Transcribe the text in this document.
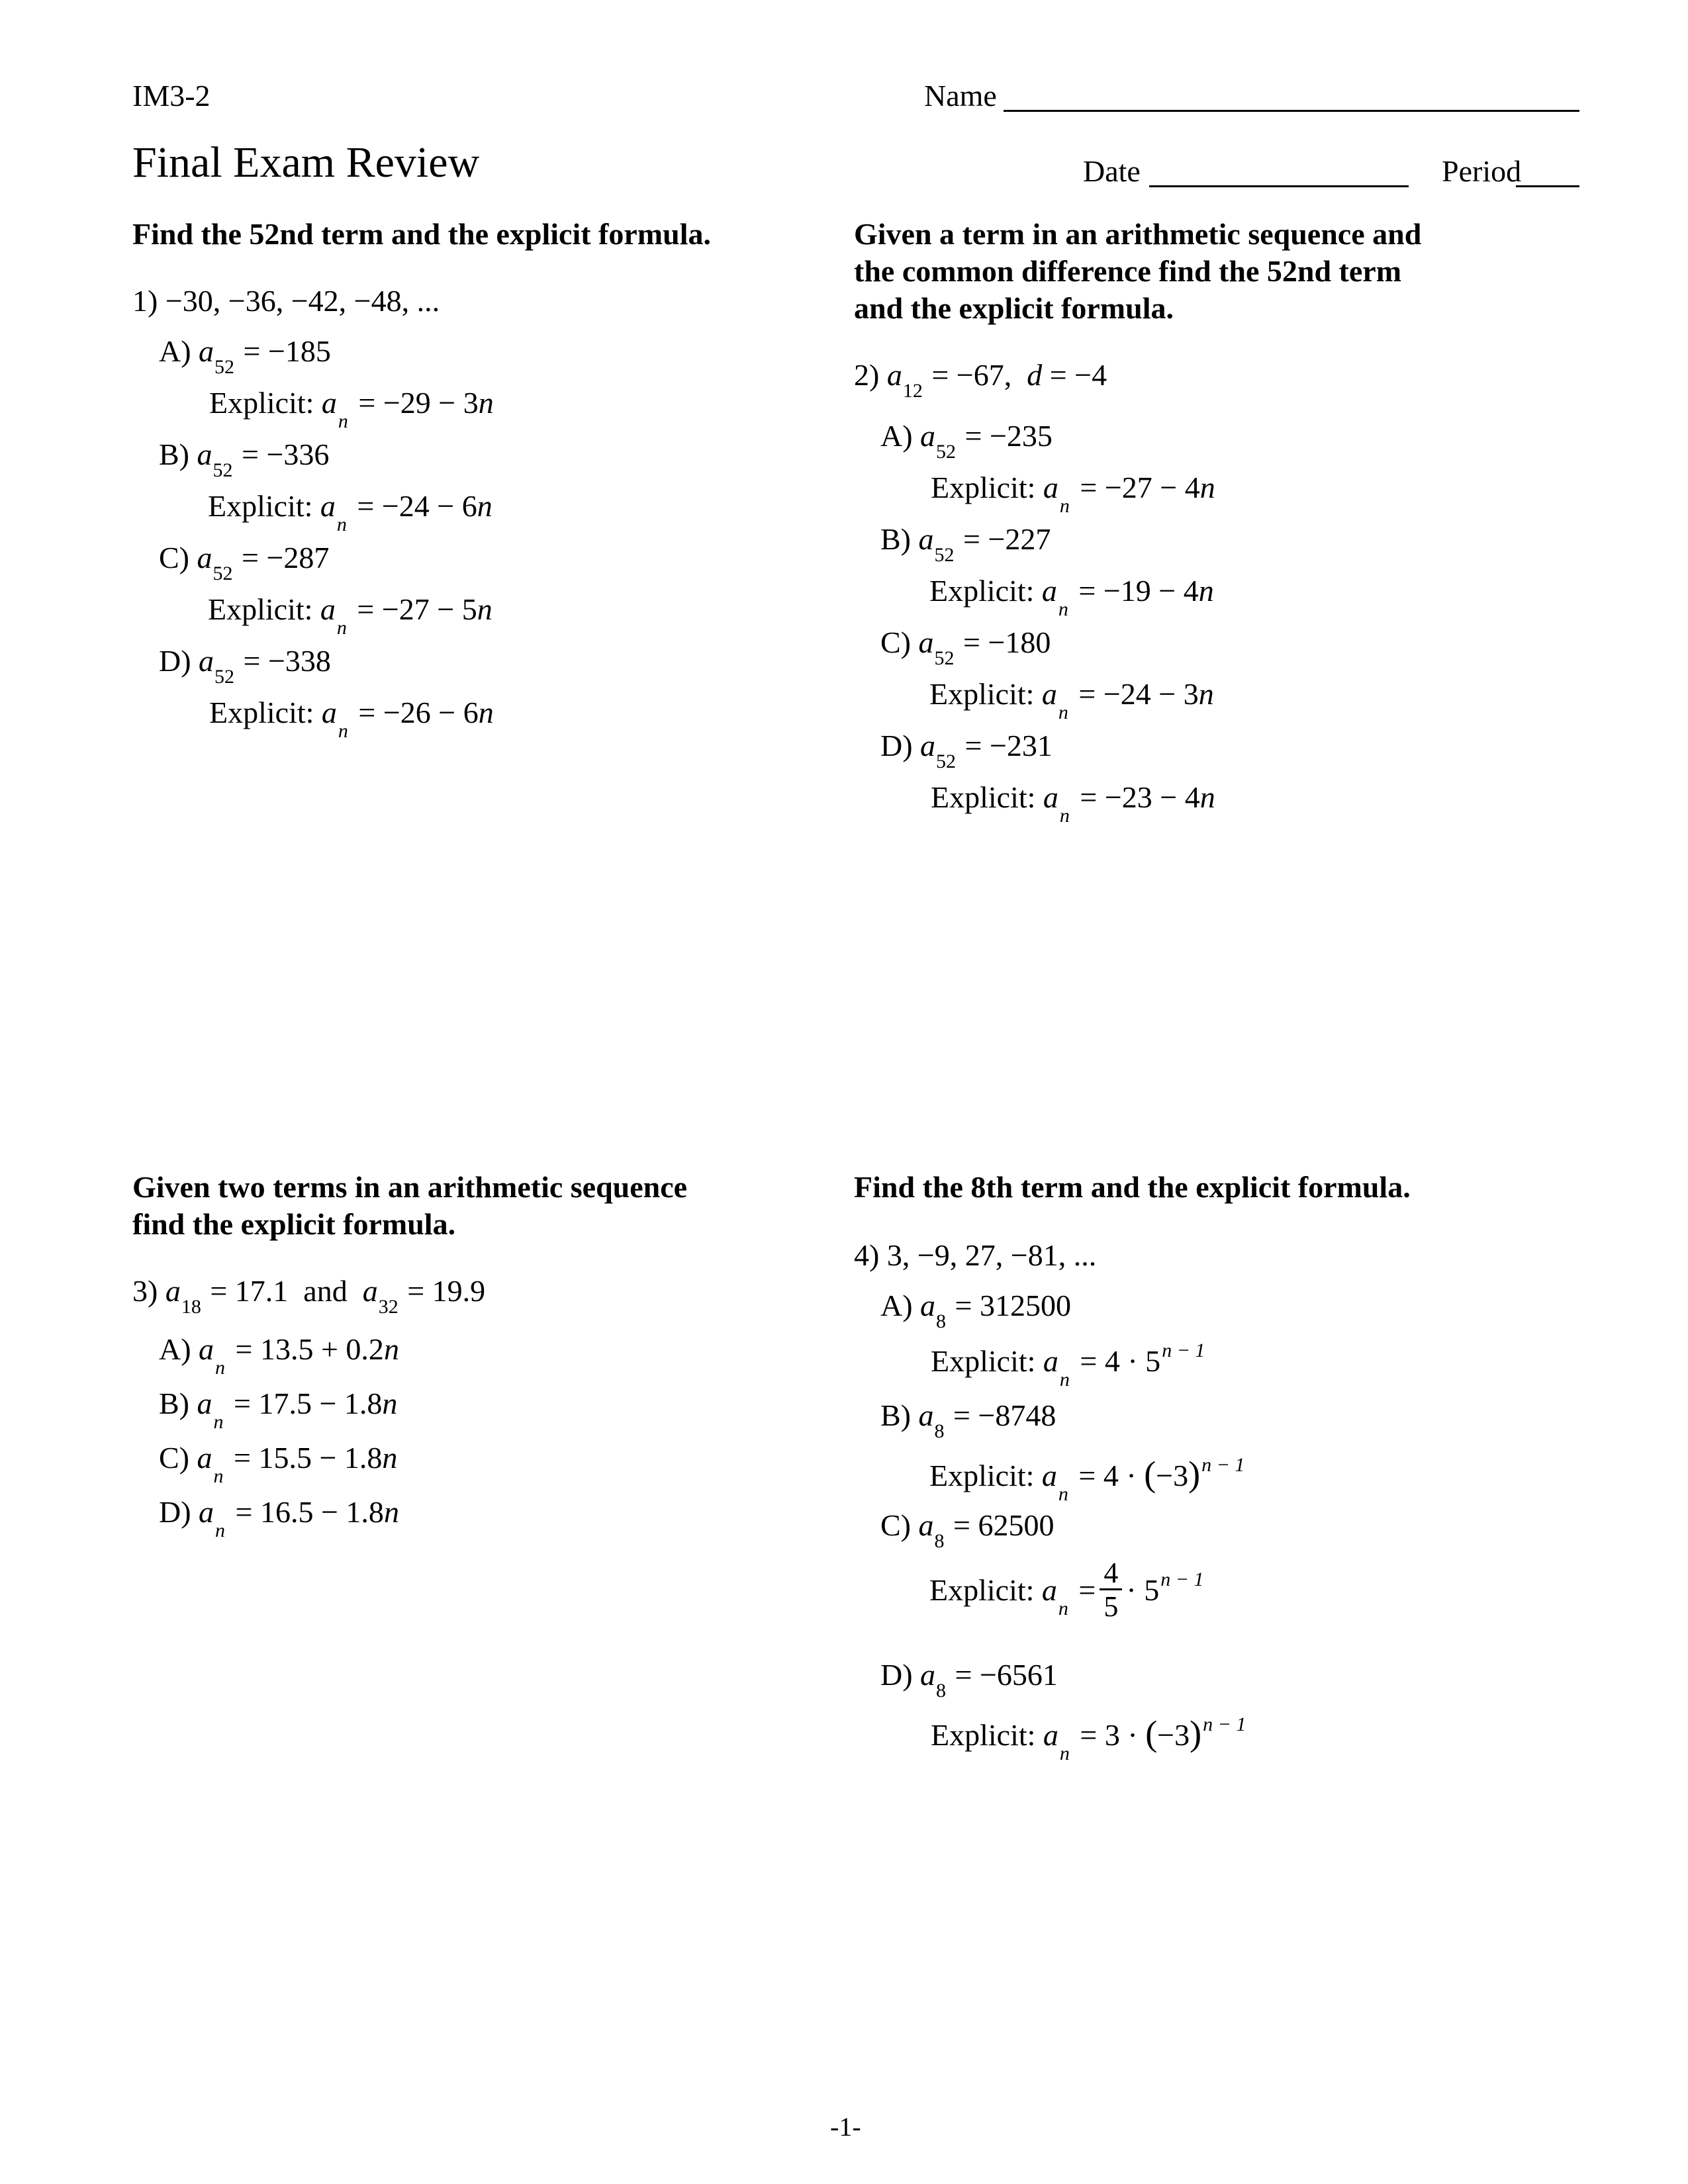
IM3-2
Final Exam Review
Name
Date	Period
Find the 52nd term and the explicit formula.
1) −30, −36, −42, −48, ...
A) $a_{52} = -185$
Explicit: $a_n = -29 - 3n$
B) $a_{52} = -336$
Explicit: $a_n = -24 - 6n$
C) $a_{52} = -287$
Explicit: $a_n = -27 - 5n$
D) $a_{52} = -338$
Explicit: $a_n = -26 - 6n$
Given a term in an arithmetic sequence and
the common difference find the 52nd term
and the explicit formula.
2) $a_{12} = -67$, d = −4
A) $a_{52} = -235$
Explicit: $a_n = -27 - 4n$
B) $a_{52} = -227$
Explicit: $a_n = -19 - 4n$
C) $a_{52} = -180$
Explicit: $a_n = -24 - 3n$
D) $a_{52} = -231$
Explicit: $a_n = -23 - 4n$
Given two terms in an arithmetic sequence
find the explicit formula.
3) $a_{18} = 17.1$ and $a_{32} = 19.9$
A) $a_n = 13.5 + 0.2n$
B) $a_n = 17.5 - 1.8n$
C) $a_n = 15.5 - 1.8n$
D) $a_n = 16.5 - 1.8n$
Find the 8th term and the explicit formula.
4) 3, −9, 27, −81, ...
A) $a_8 = 312500$
Explicit: $a_n = 4 \cdot 5^{n - 1}$
B) $a_8 = -8748$
Explicit: $a_n = 4 \cdot (-3)^{n - 1}$
C) $a_8 = 62500$
Explicit: $a_n = \frac{4}{5} \cdot 5^{n - 1}$
D) $a_8 = -6561$
Explicit: $a_n = 3 \cdot (-3)^{n - 1}$
-1-
